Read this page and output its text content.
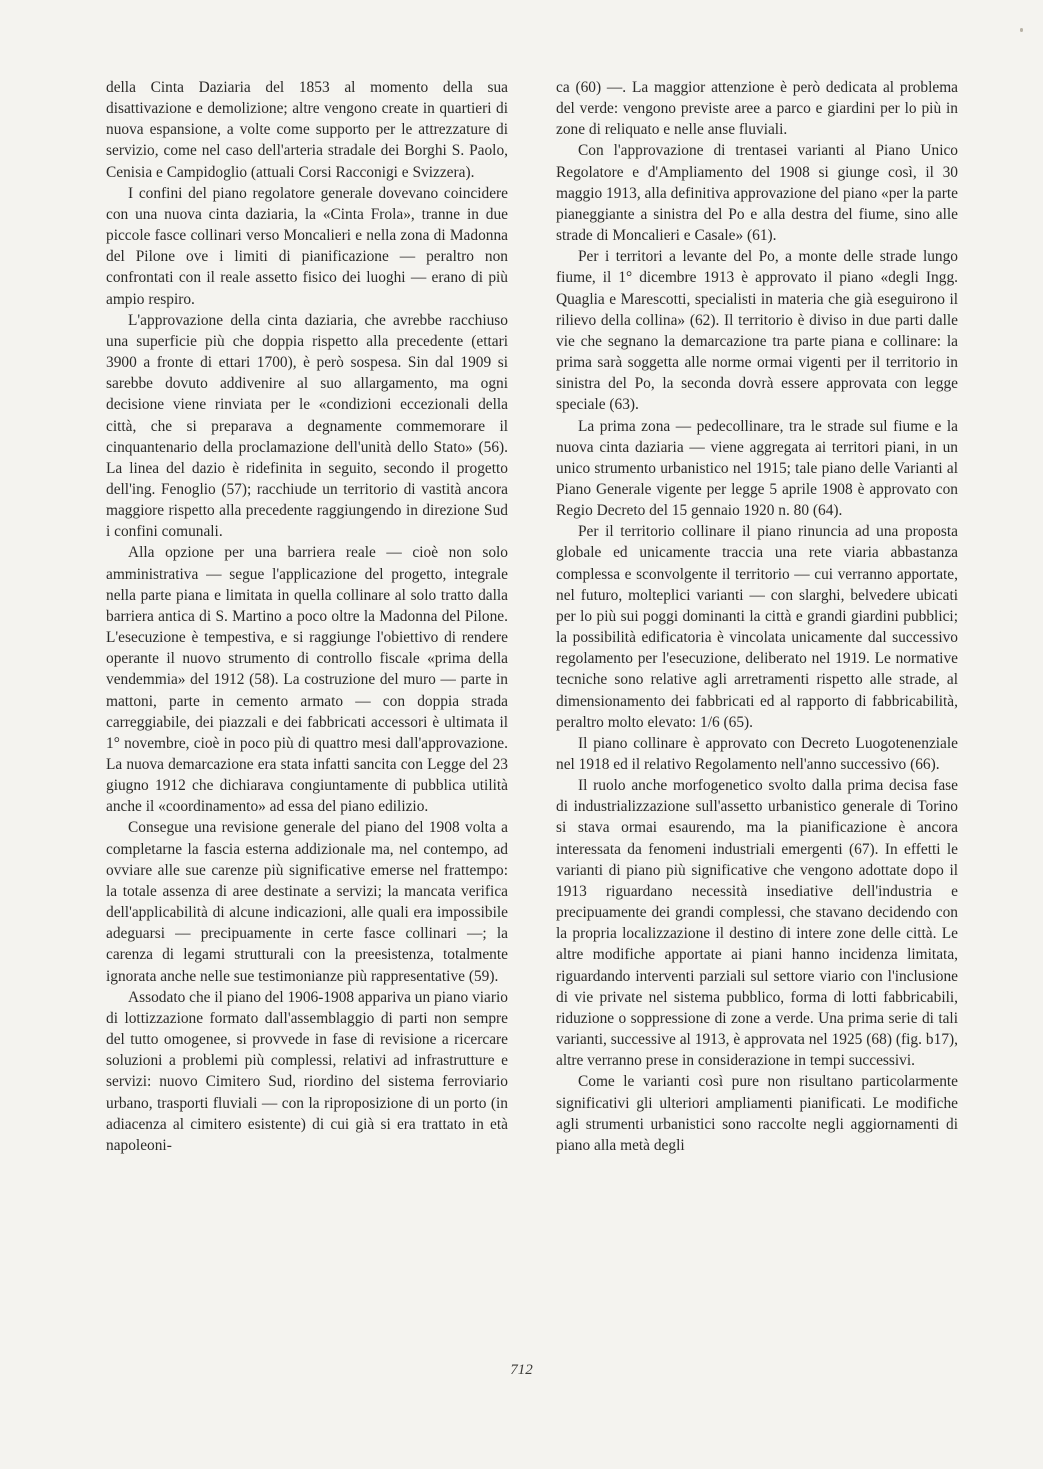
della Cinta Daziaria del 1853 al momento della sua disattivazione e demolizione; altre vengono create in quartieri di nuova espansione, a volte come supporto per le attrezzature di servizio, come nel caso dell'arteria stradale dei Borghi S. Paolo, Cenisia e Campidoglio (attuali Corsi Racconigi e Svizzera).

I confini del piano regolatore generale dovevano coincidere con una nuova cinta daziaria, la «Cinta Frola», tranne in due piccole fasce collinari verso Moncalieri e nella zona di Madonna del Pilone ove i limiti di pianificazione — peraltro non confrontati con il reale assetto fisico dei luoghi — erano di più ampio respiro.

L'approvazione della cinta daziaria, che avrebbe racchiuso una superficie più che doppia rispetto alla precedente (ettari 3900 a fronte di ettari 1700), è però sospesa. Sin dal 1909 si sarebbe dovuto addivenire al suo allargamento, ma ogni decisione viene rinviata per le «condizioni eccezionali della città, che si preparava a degnamente commemorare il cinquantenario della proclamazione dell'unità dello Stato» (56). La linea del dazio è ridefinita in seguito, secondo il progetto dell'ing. Fenoglio (57); racchiude un territorio di vastità ancora maggiore rispetto alla precedente raggiungendo in direzione Sud i confini comunali.

Alla opzione per una barriera reale — cioè non solo amministrativa — segue l'applicazione del progetto, integrale nella parte piana e limitata in quella collinare al solo tratto dalla barriera antica di S. Martino a poco oltre la Madonna del Pilone. L'esecuzione è tempestiva, e si raggiunge l'obiettivo di rendere operante il nuovo strumento di controllo fiscale «prima della vendemmia» del 1912 (58). La costruzione del muro — parte in mattoni, parte in cemento armato — con doppia strada carreggiabile, dei piazzali e dei fabbricati accessori è ultimata il 1° novembre, cioè in poco più di quattro mesi dall'approvazione. La nuova demarcazione era stata infatti sancita con Legge del 23 giugno 1912 che dichiarava congiuntamente di pubblica utilità anche il «coordinamento» ad essa del piano edilizio.

Consegue una revisione generale del piano del 1908 volta a completarne la fascia esterna addizionale ma, nel contempo, ad ovviare alle sue carenze più significative emerse nel frattempo: la totale assenza di aree destinate a servizi; la mancata verifica dell'applicabilità di alcune indicazioni, alle quali era impossibile adeguarsi — precipuamente in certe fasce collinari —; la carenza di legami strutturali con la preesistenza, totalmente ignorata anche nelle sue testimonianze più rappresentative (59).

Assodato che il piano del 1906-1908 appariva un piano viario di lottizzazione formato dall'assemblaggio di parti non sempre del tutto omogenee, si provvede in fase di revisione a ricercare soluzioni a problemi più complessi, relativi ad infrastrutture e servizi: nuovo Cimitero Sud, riordino del sistema ferroviario urbano, trasporti fluviali — con la riproposizione di un porto (in adiacenza al cimitero esistente) di cui già si era trattato in età napoleoni-

ca (60) —. La maggior attenzione è però dedicata al problema del verde: vengono previste aree a parco e giardini per lo più in zone di reliquato e nelle anse fluviali.

Con l'approvazione di trentasei varianti al Piano Unico Regolatore e d'Ampliamento del 1908 si giunge così, il 30 maggio 1913, alla definitiva approvazione del piano «per la parte pianeggiante a sinistra del Po e alla destra del fiume, sino alle strade di Moncalieri e Casale» (61).

Per i territori a levante del Po, a monte delle strade lungo fiume, il 1° dicembre 1913 è approvato il piano «degli Ingg. Quaglia e Marescotti, specialisti in materia che già eseguirono il rilievo della collina» (62). Il territorio è diviso in due parti dalle vie che segnano la demarcazione tra parte piana e collinare: la prima sarà soggetta alle norme ormai vigenti per il territorio in sinistra del Po, la seconda dovrà essere approvata con legge speciale (63).

La prima zona — pedecollinare, tra le strade sul fiume e la nuova cinta daziaria — viene aggregata ai territori piani, in un unico strumento urbanistico nel 1915; tale piano delle Varianti al Piano Generale vigente per legge 5 aprile 1908 è approvato con Regio Decreto del 15 gennaio 1920 n. 80 (64).

Per il territorio collinare il piano rinuncia ad una proposta globale ed unicamente traccia una rete viaria abbastanza complessa e sconvolgente il territorio — cui verranno apportate, nel futuro, molteplici varianti — con slarghi, belvedere ubicati per lo più sui poggi dominanti la città e grandi giardini pubblici; la possibilità edificatoria è vincolata unicamente dal successivo regolamento per l'esecuzione, deliberato nel 1919. Le normative tecniche sono relative agli arretramenti rispetto alle strade, al dimensionamento dei fabbricati ed al rapporto di fabbricabilità, peraltro molto elevato: 1/6 (65).

Il piano collinare è approvato con Decreto Luogotenenziale nel 1918 ed il relativo Regolamento nell'anno successivo (66).

Il ruolo anche morfogenetico svolto dalla prima decisa fase di industrializzazione sull'assetto urbanistico generale di Torino si stava ormai esaurendo, ma la pianificazione è ancora interessata da fenomeni industriali emergenti (67). In effetti le varianti di piano più significative che vengono adottate dopo il 1913 riguardano necessità insediative dell'industria e precipuamente dei grandi complessi, che stavano decidendo con la propria localizzazione il destino di intere zone delle città. Le altre modifiche apportate ai piani hanno incidenza limitata, riguardando interventi parziali sul settore viario con l'inclusione di vie private nel sistema pubblico, forma di lotti fabbricabili, riduzione o soppressione di zone a verde. Una prima serie di tali varianti, successive al 1913, è approvata nel 1925 (68) (fig. b17), altre verranno prese in considerazione in tempi successivi.

Come le varianti così pure non risultano particolarmente significativi gli ulteriori ampliamenti pianificati. Le modifiche agli strumenti urbanistici sono raccolte negli aggiornamenti di piano alla metà degli

712
